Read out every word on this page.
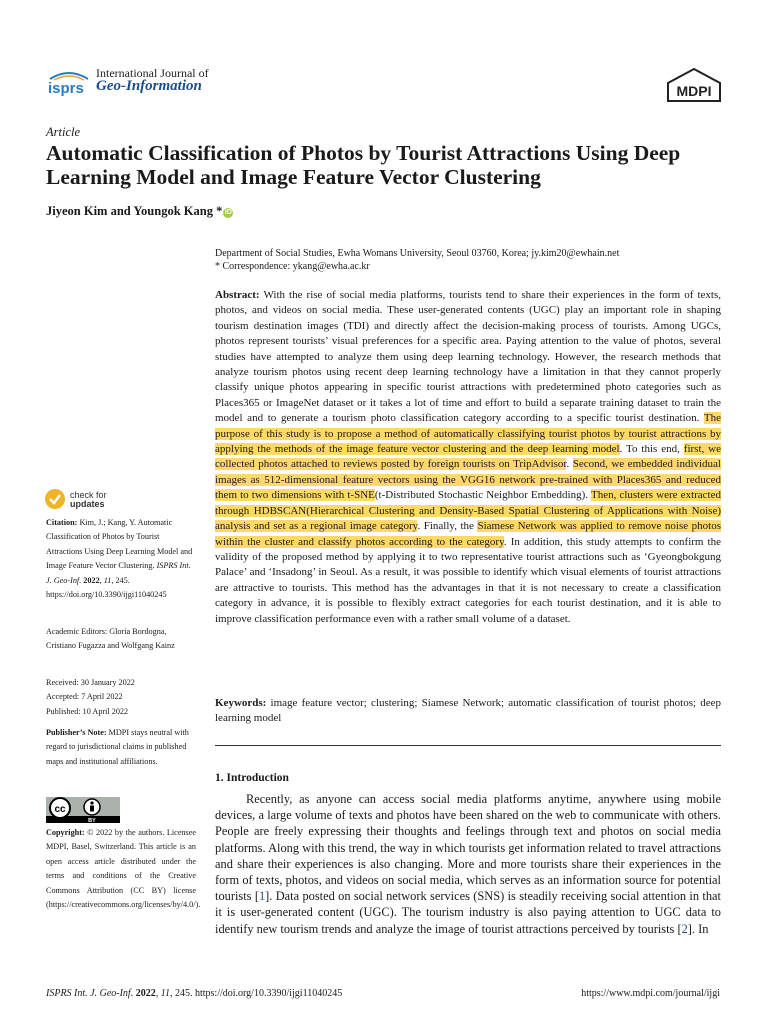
isprs
International Journal of
Geo-Information	MDPI
Article
Automatic Classification of Photos by Tourist Attractions Using Deep Learning Model and Image Feature Vector Clustering
Jiyeon Kim and Youngok Kang * iD
Department of Social Studies, Ewha Womans University, Seoul 03760, Korea; jy.kim20@ewhain.net
* Correspondence: ykang@ewha.ac.kr
Abstract: With the rise of social media platforms, tourists tend to share their experiences in the form of texts, photos, and videos on social media. These user-generated contents (UGC) play an important role in shaping tourism destination images (TDI) and directly affect the decision-making process of tourists. Among UGCs, photos represent tourists’ visual preferences for a specific area. Paying attention to the value of photos, several studies have attempted to analyze them using deep learning technology. However, the research methods that analyze tourism photos using recent deep learning technology have a limitation in that they cannot properly classify unique photos appearing in specific tourist attractions with predetermined photo categories such as Places365 or ImageNet dataset or it takes a lot of time and effort to build a separate training dataset to train the model and to generate a tourism photo classification category according to a specific tourist destination. The purpose of this study is to propose a method of automatically classifying tourist photos by tourist attractions by applying the methods of the image feature vector clustering and the deep learning model. To this end, first, we collected photos attached to reviews posted by foreign tourists on TripAdvisor. Second, we embedded individual images as 512-dimensional feature vectors using the VGG16 network pre-trained with Places365 and reduced them to two dimensions with t-SNE(t-Distributed Stochastic Neighbor Embedding). Then, clusters were extracted through HDBSCAN(Hierarchical Clustering and Density-Based Spatial Clustering of Applications with Noise) analysis and set as a regional image category. Finally, the Siamese Network was applied to remove noise photos within the cluster and classify photos according to the category. In addition, this study attempts to confirm the validity of the proposed method by applying it to two representative tourist attractions such as ‘Gyeongbokgung Palace’ and ‘Insadong’ in Seoul. As a result, it was possible to identify which visual elements of tourist attractions are attractive to tourists. This method has the advantages in that it is not necessary to create a classification category in advance, it is possible to flexibly extract categories for each tourist destination, and it is able to improve classification performance even with a rather small volume of a dataset.
Keywords: image feature vector; clustering; Siamese Network; automatic classification of tourist photos; deep learning model
1. Introduction
   Recently, as anyone can access social media platforms anytime, anywhere using mobile devices, a large volume of texts and photos have been shared on the web to communicate with others. People are freely expressing their thoughts and feelings through text and photos on social media platforms. Along with this trend, the way in which tourists get information related to travel attractions and share their experiences is also changing. More and more tourists share their experiences in the form of texts, photos, and videos on social media, which serves as an information source for potential tourists [1]. Data posted on social network services (SNS) is steadily receiving social attention in that it is user-generated content (UGC). The tourism industry is also paying attention to UGC data to identify new tourism trends and analyze the image of tourist attractions perceived by tourists [2]. In
check for
updates
Citation: Kim, J.; Kang, Y. Automatic Classification of Photos by Tourist Attractions Using Deep Learning Model and Image Feature Vector Clustering. ISPRS Int. J. Geo-Inf. 2022, 11, 245. https://doi.org/10.3390/ijgi11040245
Academic Editors: Gloria Bordogna, Cristiano Fugazza and Wolfgang Kainz
Received: 30 January 2022
Accepted: 7 April 2022
Published: 10 April 2022
Publisher’s Note: MDPI stays neutral with regard to jurisdictional claims in published maps and institutional affiliations.
cc
BY
Copyright: © 2022 by the authors. Licensee MDPI, Basel, Switzerland. This article is an open access article distributed under the terms and conditions of the Creative Commons Attribution (CC BY) license (https://creativecommons.org/licenses/by/4.0/).
ISPRS Int. J. Geo-Inf. 2022, 11, 245. https://doi.org/10.3390/ijgi11040245	https://www.mdpi.com/journal/ijgi
